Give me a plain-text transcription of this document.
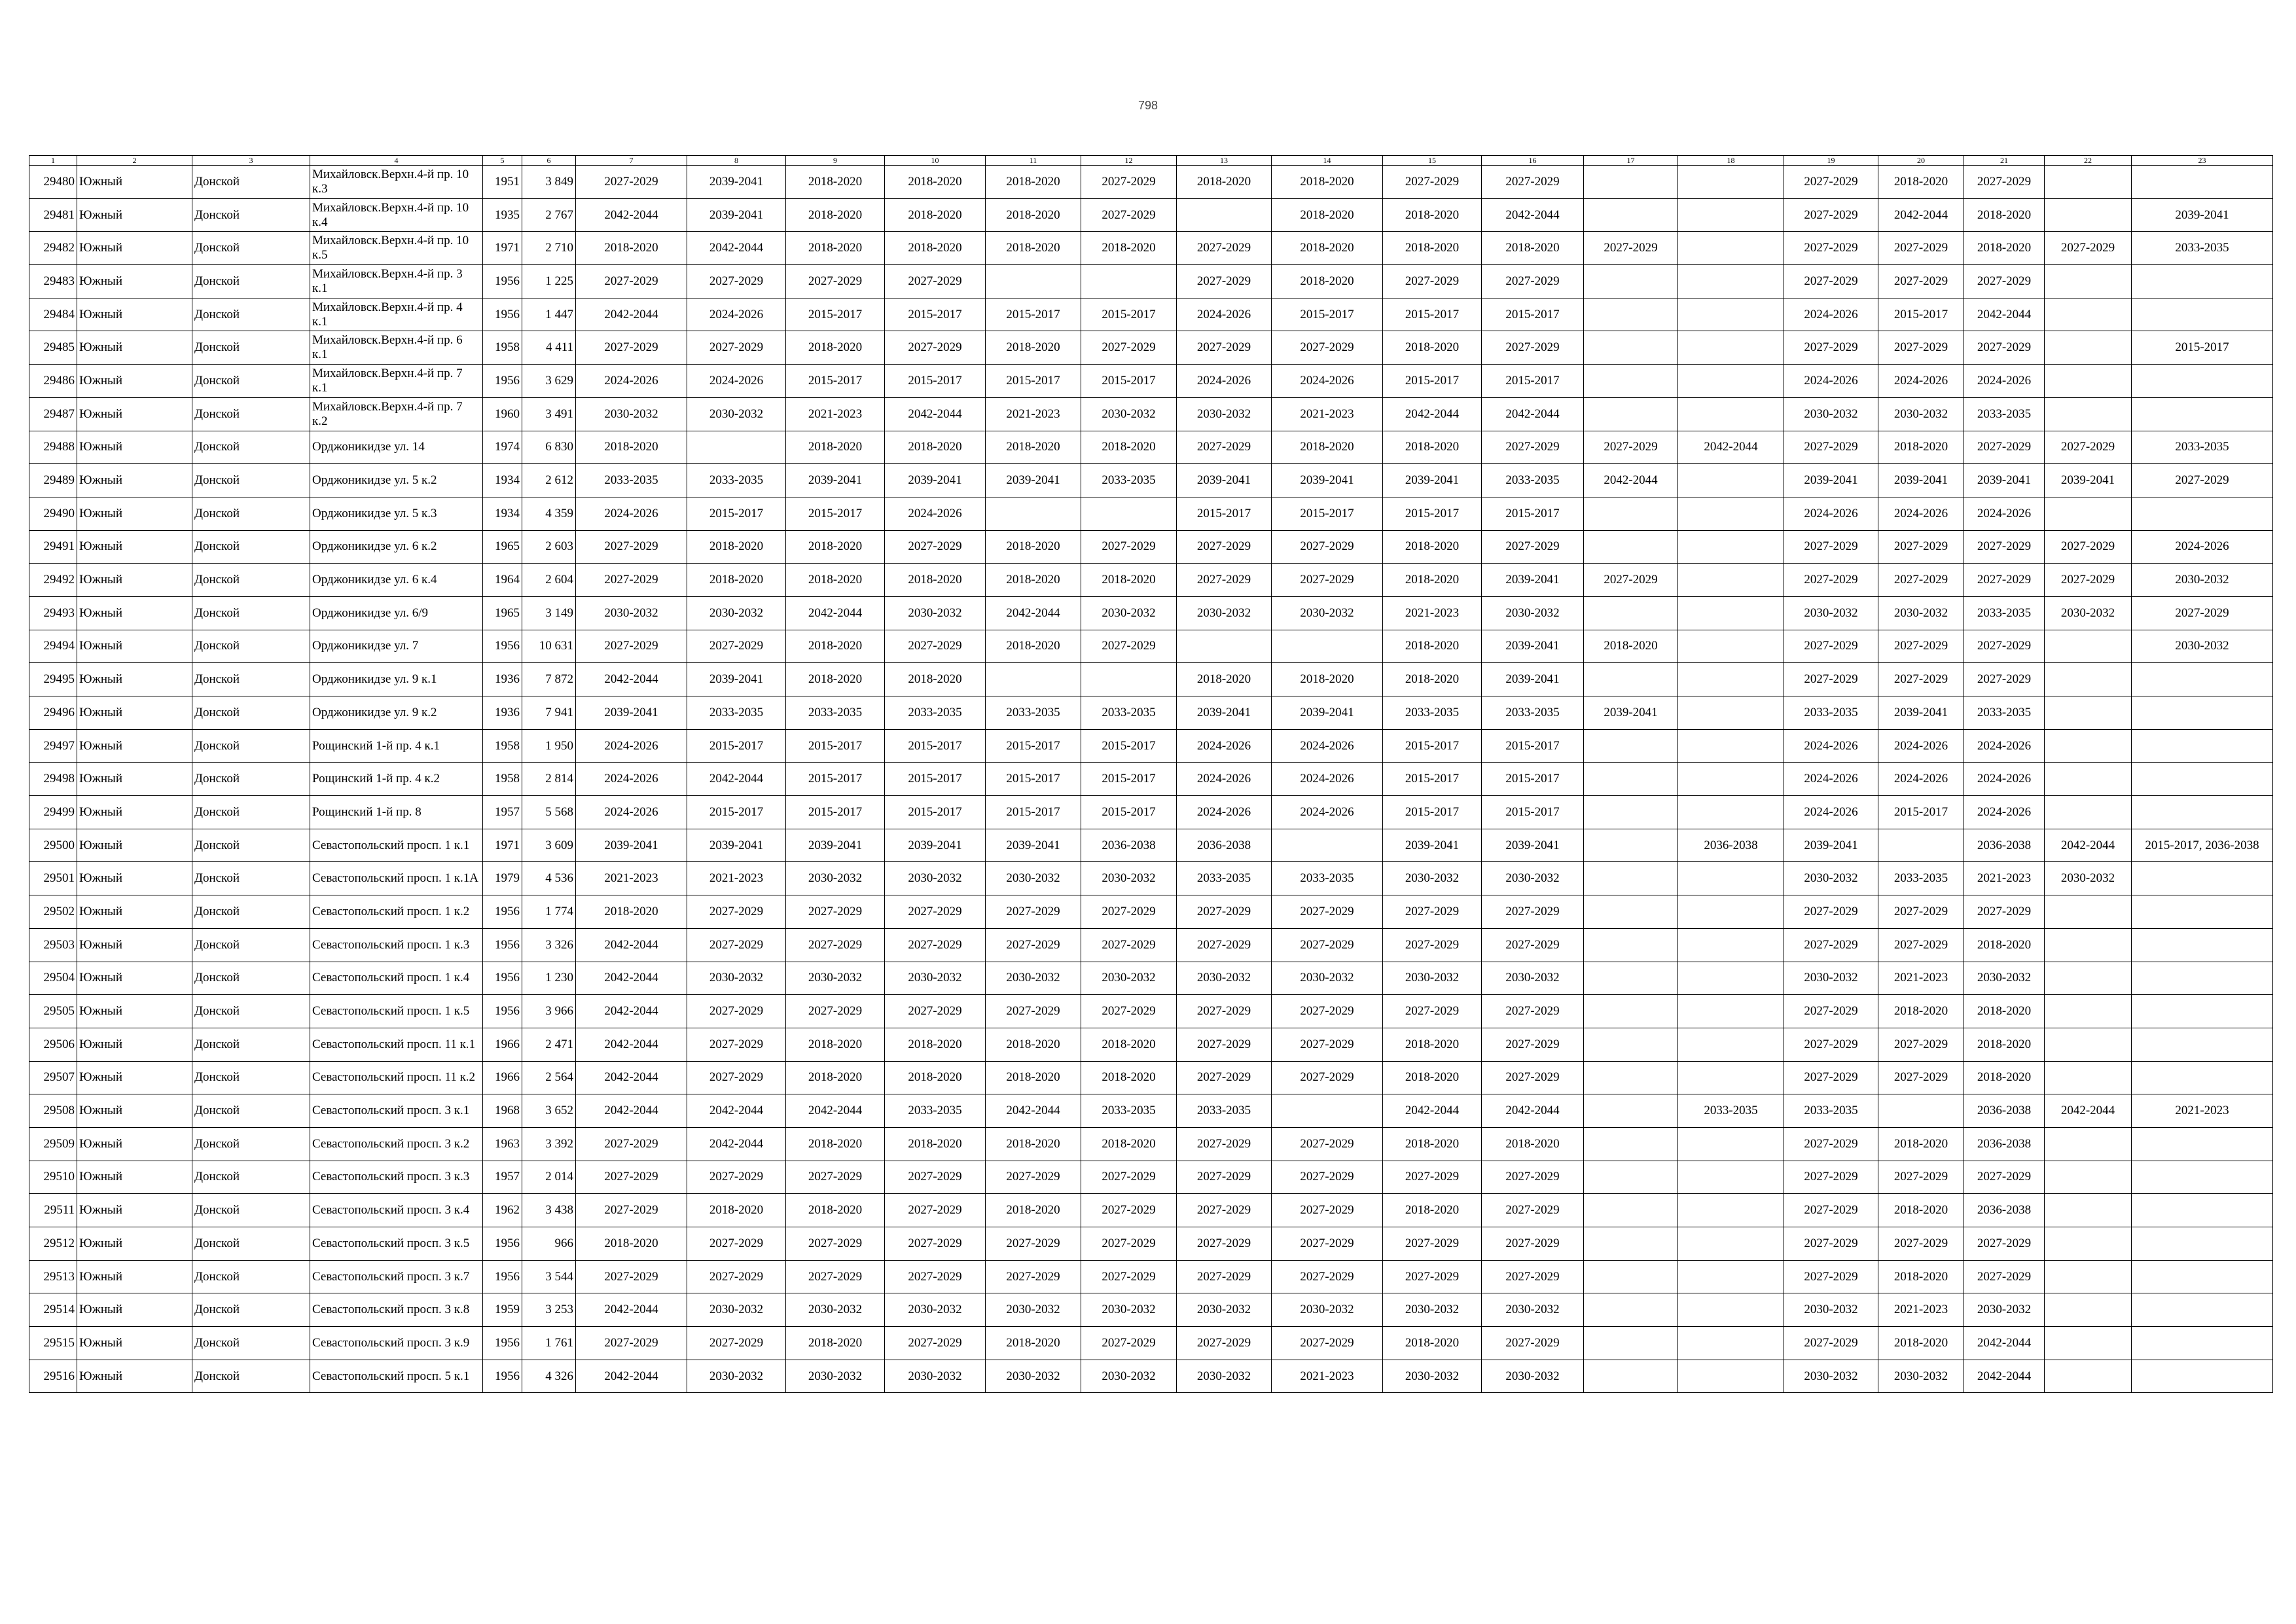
798
1	2	3	4	5	6	7	8	9	10	11	12	13	14	15	16	17	18	19	20	21	22	23
29480	Южный	Донской	Михайловск.Верхн.4-й пр. 10 к.3	1951	3 849	2027-2029	2039-2041	2018-2020	2018-2020	2018-2020	2027-2029	2018-2020	2018-2020	2027-2029	2027-2029			2027-2029	2018-2020	2027-2029		
29481	Южный	Донской	Михайловск.Верхн.4-й пр. 10 к.4	1935	2 767	2042-2044	2039-2041	2018-2020	2018-2020	2018-2020	2027-2029		2018-2020	2018-2020	2042-2044			2027-2029	2042-2044	2018-2020		2039-2041
29482	Южный	Донской	Михайловск.Верхн.4-й пр. 10 к.5	1971	2 710	2018-2020	2042-2044	2018-2020	2018-2020	2018-2020	2018-2020	2027-2029	2018-2020	2018-2020	2018-2020	2027-2029		2027-2029	2027-2029	2018-2020	2027-2029	2033-2035
29483	Южный	Донской	Михайловск.Верхн.4-й пр. 3 к.1	1956	1 225	2027-2029	2027-2029	2027-2029	2027-2029			2027-2029	2018-2020	2027-2029	2027-2029			2027-2029	2027-2029	2027-2029		
29484	Южный	Донской	Михайловск.Верхн.4-й пр. 4 к.1	1956	1 447	2042-2044	2024-2026	2015-2017	2015-2017	2015-2017	2015-2017	2024-2026	2015-2017	2015-2017	2015-2017			2024-2026	2015-2017	2042-2044		
29485	Южный	Донской	Михайловск.Верхн.4-й пр. 6 к.1	1958	4 411	2027-2029	2027-2029	2018-2020	2027-2029	2018-2020	2027-2029	2027-2029	2027-2029	2018-2020	2027-2029			2027-2029	2027-2029	2027-2029		2015-2017
29486	Южный	Донской	Михайловск.Верхн.4-й пр. 7 к.1	1956	3 629	2024-2026	2024-2026	2015-2017	2015-2017	2015-2017	2015-2017	2024-2026	2024-2026	2015-2017	2015-2017			2024-2026	2024-2026	2024-2026		
29487	Южный	Донской	Михайловск.Верхн.4-й пр. 7 к.2	1960	3 491	2030-2032	2030-2032	2021-2023	2042-2044	2021-2023	2030-2032	2030-2032	2021-2023	2042-2044	2042-2044			2030-2032	2030-2032	2033-2035		
29488	Южный	Донской	Орджоникидзе ул. 14	1974	6 830	2018-2020		2018-2020	2018-2020	2018-2020	2018-2020	2027-2029	2018-2020	2018-2020	2027-2029	2027-2029	2042-2044	2027-2029	2018-2020	2027-2029	2027-2029	2033-2035
29489	Южный	Донской	Орджоникидзе ул. 5 к.2	1934	2 612	2033-2035	2033-2035	2039-2041	2039-2041	2039-2041	2033-2035	2039-2041	2039-2041	2039-2041	2033-2035	2042-2044		2039-2041	2039-2041	2039-2041	2039-2041	2027-2029
29490	Южный	Донской	Орджоникидзе ул. 5 к.3	1934	4 359	2024-2026	2015-2017	2015-2017	2024-2026			2015-2017	2015-2017	2015-2017	2015-2017			2024-2026	2024-2026	2024-2026		
29491	Южный	Донской	Орджоникидзе ул. 6 к.2	1965	2 603	2027-2029	2018-2020	2018-2020	2027-2029	2018-2020	2027-2029	2027-2029	2027-2029	2018-2020	2027-2029			2027-2029	2027-2029	2027-2029	2027-2029	2024-2026
29492	Южный	Донской	Орджоникидзе ул. 6 к.4	1964	2 604	2027-2029	2018-2020	2018-2020	2018-2020	2018-2020	2018-2020	2027-2029	2027-2029	2018-2020	2039-2041	2027-2029		2027-2029	2027-2029	2027-2029	2027-2029	2030-2032
29493	Южный	Донской	Орджоникидзе ул. 6/9	1965	3 149	2030-2032	2030-2032	2042-2044	2030-2032	2042-2044	2030-2032	2030-2032	2030-2032	2021-2023	2030-2032			2030-2032	2030-2032	2033-2035	2030-2032	2027-2029
29494	Южный	Донской	Орджоникидзе ул. 7	1956	10 631	2027-2029	2027-2029	2018-2020	2027-2029	2018-2020	2027-2029			2018-2020	2039-2041	2018-2020		2027-2029	2027-2029	2027-2029		2030-2032
29495	Южный	Донской	Орджоникидзе ул. 9 к.1	1936	7 872	2042-2044	2039-2041	2018-2020	2018-2020			2018-2020	2018-2020	2018-2020	2039-2041			2027-2029	2027-2029	2027-2029		
29496	Южный	Донской	Орджоникидзе ул. 9 к.2	1936	7 941	2039-2041	2033-2035	2033-2035	2033-2035	2033-2035	2033-2035	2039-2041	2039-2041	2033-2035	2033-2035	2039-2041		2033-2035	2039-2041	2033-2035		
29497	Южный	Донской	Рощинский 1-й пр. 4 к.1	1958	1 950	2024-2026	2015-2017	2015-2017	2015-2017	2015-2017	2015-2017	2024-2026	2024-2026	2015-2017	2015-2017			2024-2026	2024-2026	2024-2026		
29498	Южный	Донской	Рощинский 1-й пр. 4 к.2	1958	2 814	2024-2026	2042-2044	2015-2017	2015-2017	2015-2017	2015-2017	2024-2026	2024-2026	2015-2017	2015-2017			2024-2026	2024-2026	2024-2026		
29499	Южный	Донской	Рощинский 1-й пр. 8	1957	5 568	2024-2026	2015-2017	2015-2017	2015-2017	2015-2017	2015-2017	2024-2026	2024-2026	2015-2017	2015-2017			2024-2026	2015-2017	2024-2026		
29500	Южный	Донской	Севастопольский просп. 1 к.1	1971	3 609	2039-2041	2039-2041	2039-2041	2039-2041	2039-2041	2036-2038	2036-2038		2039-2041	2039-2041		2036-2038	2039-2041		2036-2038	2042-2044	2015-2017, 2036-2038
29501	Южный	Донской	Севастопольский просп. 1 к.1А	1979	4 536	2021-2023	2021-2023	2030-2032	2030-2032	2030-2032	2030-2032	2033-2035	2033-2035	2030-2032	2030-2032			2030-2032	2033-2035	2021-2023	2030-2032	
29502	Южный	Донской	Севастопольский просп. 1 к.2	1956	1 774	2018-2020	2027-2029	2027-2029	2027-2029	2027-2029	2027-2029	2027-2029	2027-2029	2027-2029	2027-2029			2027-2029	2027-2029	2027-2029		
29503	Южный	Донской	Севастопольский просп. 1 к.3	1956	3 326	2042-2044	2027-2029	2027-2029	2027-2029	2027-2029	2027-2029	2027-2029	2027-2029	2027-2029	2027-2029			2027-2029	2027-2029	2018-2020		
29504	Южный	Донской	Севастопольский просп. 1 к.4	1956	1 230	2042-2044	2030-2032	2030-2032	2030-2032	2030-2032	2030-2032	2030-2032	2030-2032	2030-2032	2030-2032			2030-2032	2021-2023	2030-2032		
29505	Южный	Донской	Севастопольский просп. 1 к.5	1956	3 966	2042-2044	2027-2029	2027-2029	2027-2029	2027-2029	2027-2029	2027-2029	2027-2029	2027-2029	2027-2029			2027-2029	2018-2020	2018-2020		
29506	Южный	Донской	Севастопольский просп. 11 к.1	1966	2 471	2042-2044	2027-2029	2018-2020	2018-2020	2018-2020	2018-2020	2027-2029	2027-2029	2018-2020	2027-2029			2027-2029	2027-2029	2018-2020		
29507	Южный	Донской	Севастопольский просп. 11 к.2	1966	2 564	2042-2044	2027-2029	2018-2020	2018-2020	2018-2020	2018-2020	2027-2029	2027-2029	2018-2020	2027-2029			2027-2029	2027-2029	2018-2020		
29508	Южный	Донской	Севастопольский просп. 3 к.1	1968	3 652	2042-2044	2042-2044	2042-2044	2033-2035	2042-2044	2033-2035	2033-2035		2042-2044	2042-2044		2033-2035	2033-2035		2036-2038	2042-2044	2021-2023
29509	Южный	Донской	Севастопольский просп. 3 к.2	1963	3 392	2027-2029	2042-2044	2018-2020	2018-2020	2018-2020	2018-2020	2027-2029	2027-2029	2018-2020	2018-2020			2027-2029	2018-2020	2036-2038		
29510	Южный	Донской	Севастопольский просп. 3 к.3	1957	2 014	2027-2029	2027-2029	2027-2029	2027-2029	2027-2029	2027-2029	2027-2029	2027-2029	2027-2029	2027-2029			2027-2029	2027-2029	2027-2029		
29511	Южный	Донской	Севастопольский просп. 3 к.4	1962	3 438	2027-2029	2018-2020	2018-2020	2027-2029	2018-2020	2027-2029	2027-2029	2027-2029	2018-2020	2027-2029			2027-2029	2018-2020	2036-2038		
29512	Южный	Донской	Севастопольский просп. 3 к.5	1956	966	2018-2020	2027-2029	2027-2029	2027-2029	2027-2029	2027-2029	2027-2029	2027-2029	2027-2029	2027-2029			2027-2029	2027-2029	2027-2029		
29513	Южный	Донской	Севастопольский просп. 3 к.7	1956	3 544	2027-2029	2027-2029	2027-2029	2027-2029	2027-2029	2027-2029	2027-2029	2027-2029	2027-2029	2027-2029			2027-2029	2018-2020	2027-2029		
29514	Южный	Донской	Севастопольский просп. 3 к.8	1959	3 253	2042-2044	2030-2032	2030-2032	2030-2032	2030-2032	2030-2032	2030-2032	2030-2032	2030-2032	2030-2032			2030-2032	2021-2023	2030-2032		
29515	Южный	Донской	Севастопольский просп. 3 к.9	1956	1 761	2027-2029	2027-2029	2018-2020	2027-2029	2018-2020	2027-2029	2027-2029	2027-2029	2018-2020	2027-2029			2027-2029	2018-2020	2042-2044		
29516	Южный	Донской	Севастопольский просп. 5 к.1	1956	4 326	2042-2044	2030-2032	2030-2032	2030-2032	2030-2032	2030-2032	2030-2032	2021-2023	2030-2032	2030-2032			2030-2032	2030-2032	2042-2044		
